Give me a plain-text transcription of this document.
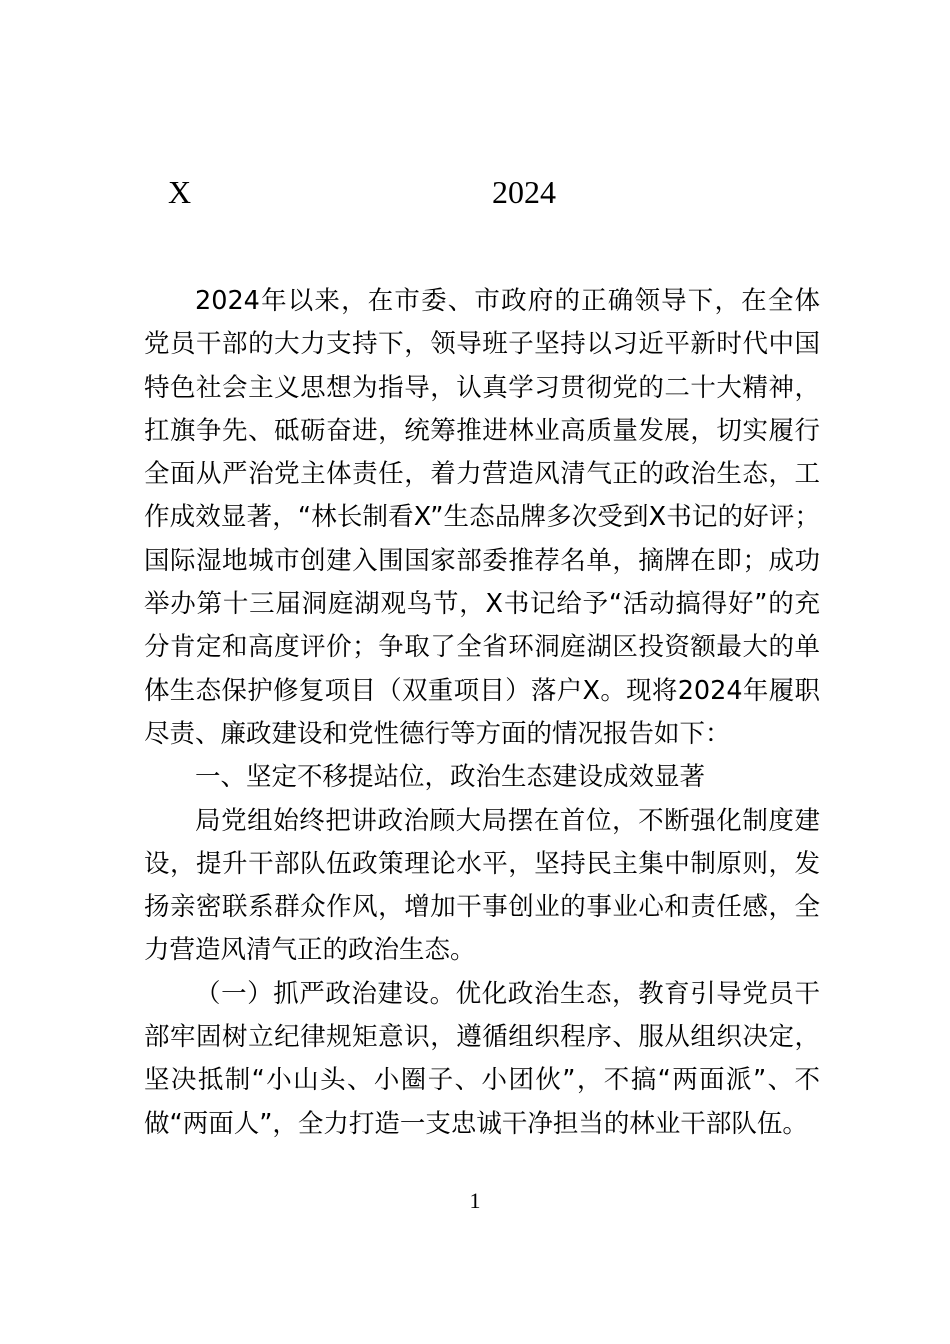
X	2024

2024年以来，在市委、市政府的正确领导下，在全体党员干部的大力支持下，领导班子坚持以习近平新时代中国特色社会主义思想为指导，认真学习贯彻党的二十大精神，扛旗争先、砥砺奋进，统筹推进林业高质量发展，切实履行全面从严治党主体责任，着力营造风清气正的政治生态，工作成效显著，“林长制看X”生态品牌多次受到X书记的好评；国际湿地城市创建入围国家部委推荐名单，摘牌在即；成功举办第十三届洞庭湖观鸟节，X书记给予“活动搞得好”的充分肯定和高度评价；争取了全省环洞庭湖区投资额最大的单体生态保护修复项目（双重项目）落户X。现将2024年履职尽责、廉政建设和党性德行等方面的情况报告如下：

一、坚定不移提站位，政治生态建设成效显著

局党组始终把讲政治顾大局摆在首位，不断强化制度建设，提升干部队伍政策理论水平，坚持民主集中制原则，发扬亲密联系群众作风，增加干事创业的事业心和责任感，全力营造风清气正的政治生态。

（一）抓严政治建设。优化政治生态，教育引导党员干部牢固树立纪律规矩意识，遵循组织程序、服从组织决定，坚决抵制“小山头、小圈子、小团伙”，不搞“两面派”、不做“两面人”，全力打造一支忠诚干净担当的林业干部队伍。

1
